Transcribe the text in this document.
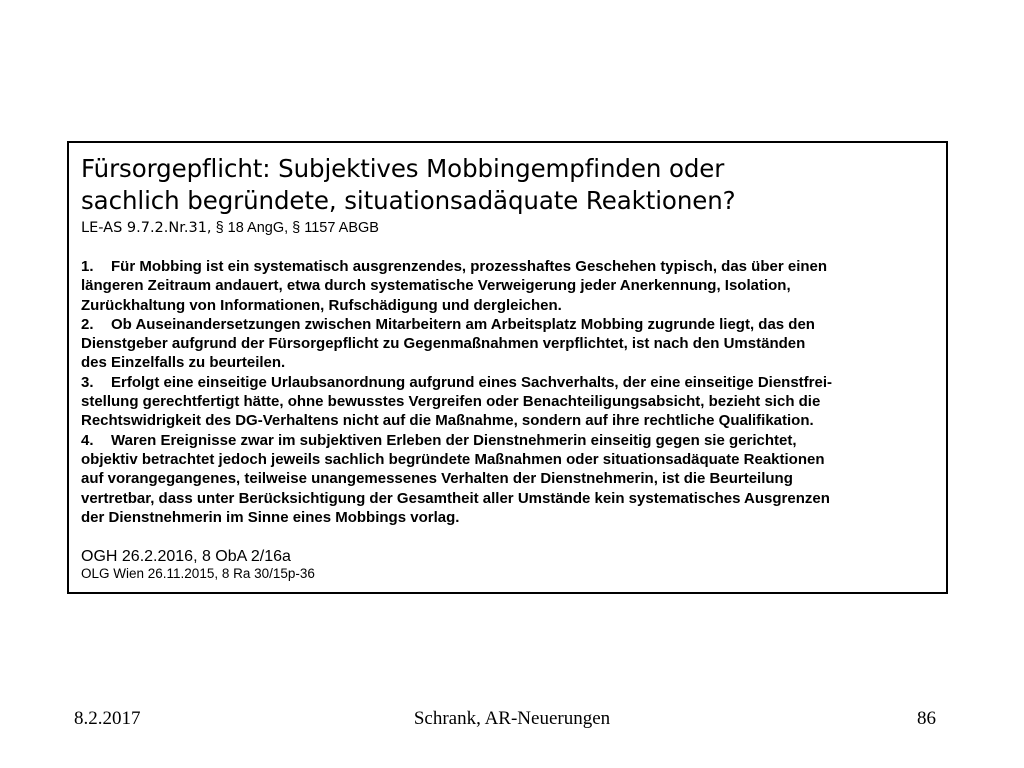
Fürsorgepflicht: Subjektives Mobbingempfinden oder
sachlich begründete, situationsadäquate Reaktionen?
LE-AS 9.7.2.Nr.31, § 18 AngG, § 1157 ABGB
1. Für Mobbing ist ein systematisch ausgrenzendes, prozesshaftes Geschehen typisch, das über einen
längeren Zeitraum andauert, etwa durch systematische Verweigerung jeder Anerkennung, Isolation,
Zurückhaltung von Informationen, Rufschädigung und dergleichen.
2. Ob Auseinandersetzungen zwischen Mitarbeitern am Arbeitsplatz Mobbing zugrunde liegt, das den
Dienstgeber aufgrund der Fürsorgepflicht zu Gegenmaßnahmen verpflichtet, ist nach den Umständen
des Einzelfalls zu beurteilen.
3. Erfolgt eine einseitige Urlaubsanordnung aufgrund eines Sachverhalts, der eine einseitige Dienstfrei-
stellung gerechtfertigt hätte, ohne bewusstes Vergreifen oder Benachteiligungsabsicht, bezieht sich die
Rechtswidrigkeit des DG-Verhaltens nicht auf die Maßnahme, sondern auf ihre rechtliche Qualifikation.
4. Waren Ereignisse zwar im subjektiven Erleben der Dienstnehmerin einseitig gegen sie gerichtet,
objektiv betrachtet jedoch jeweils sachlich begründete Maßnahmen oder situationsadäquate Reaktionen
auf vorangegangenes, teilweise unangemessenes Verhalten der Dienstnehmerin, ist die Beurteilung
vertretbar, dass unter Berücksichtigung der Gesamtheit aller Umstände kein systematisches Ausgrenzen
der Dienstnehmerin im Sinne eines Mobbings vorlag.
OGH 26.2.2016, 8 ObA 2/16a
OLG Wien 26.11.2015, 8 Ra 30/15p-36
8.2.2017	Schrank, AR-Neuerungen	86
